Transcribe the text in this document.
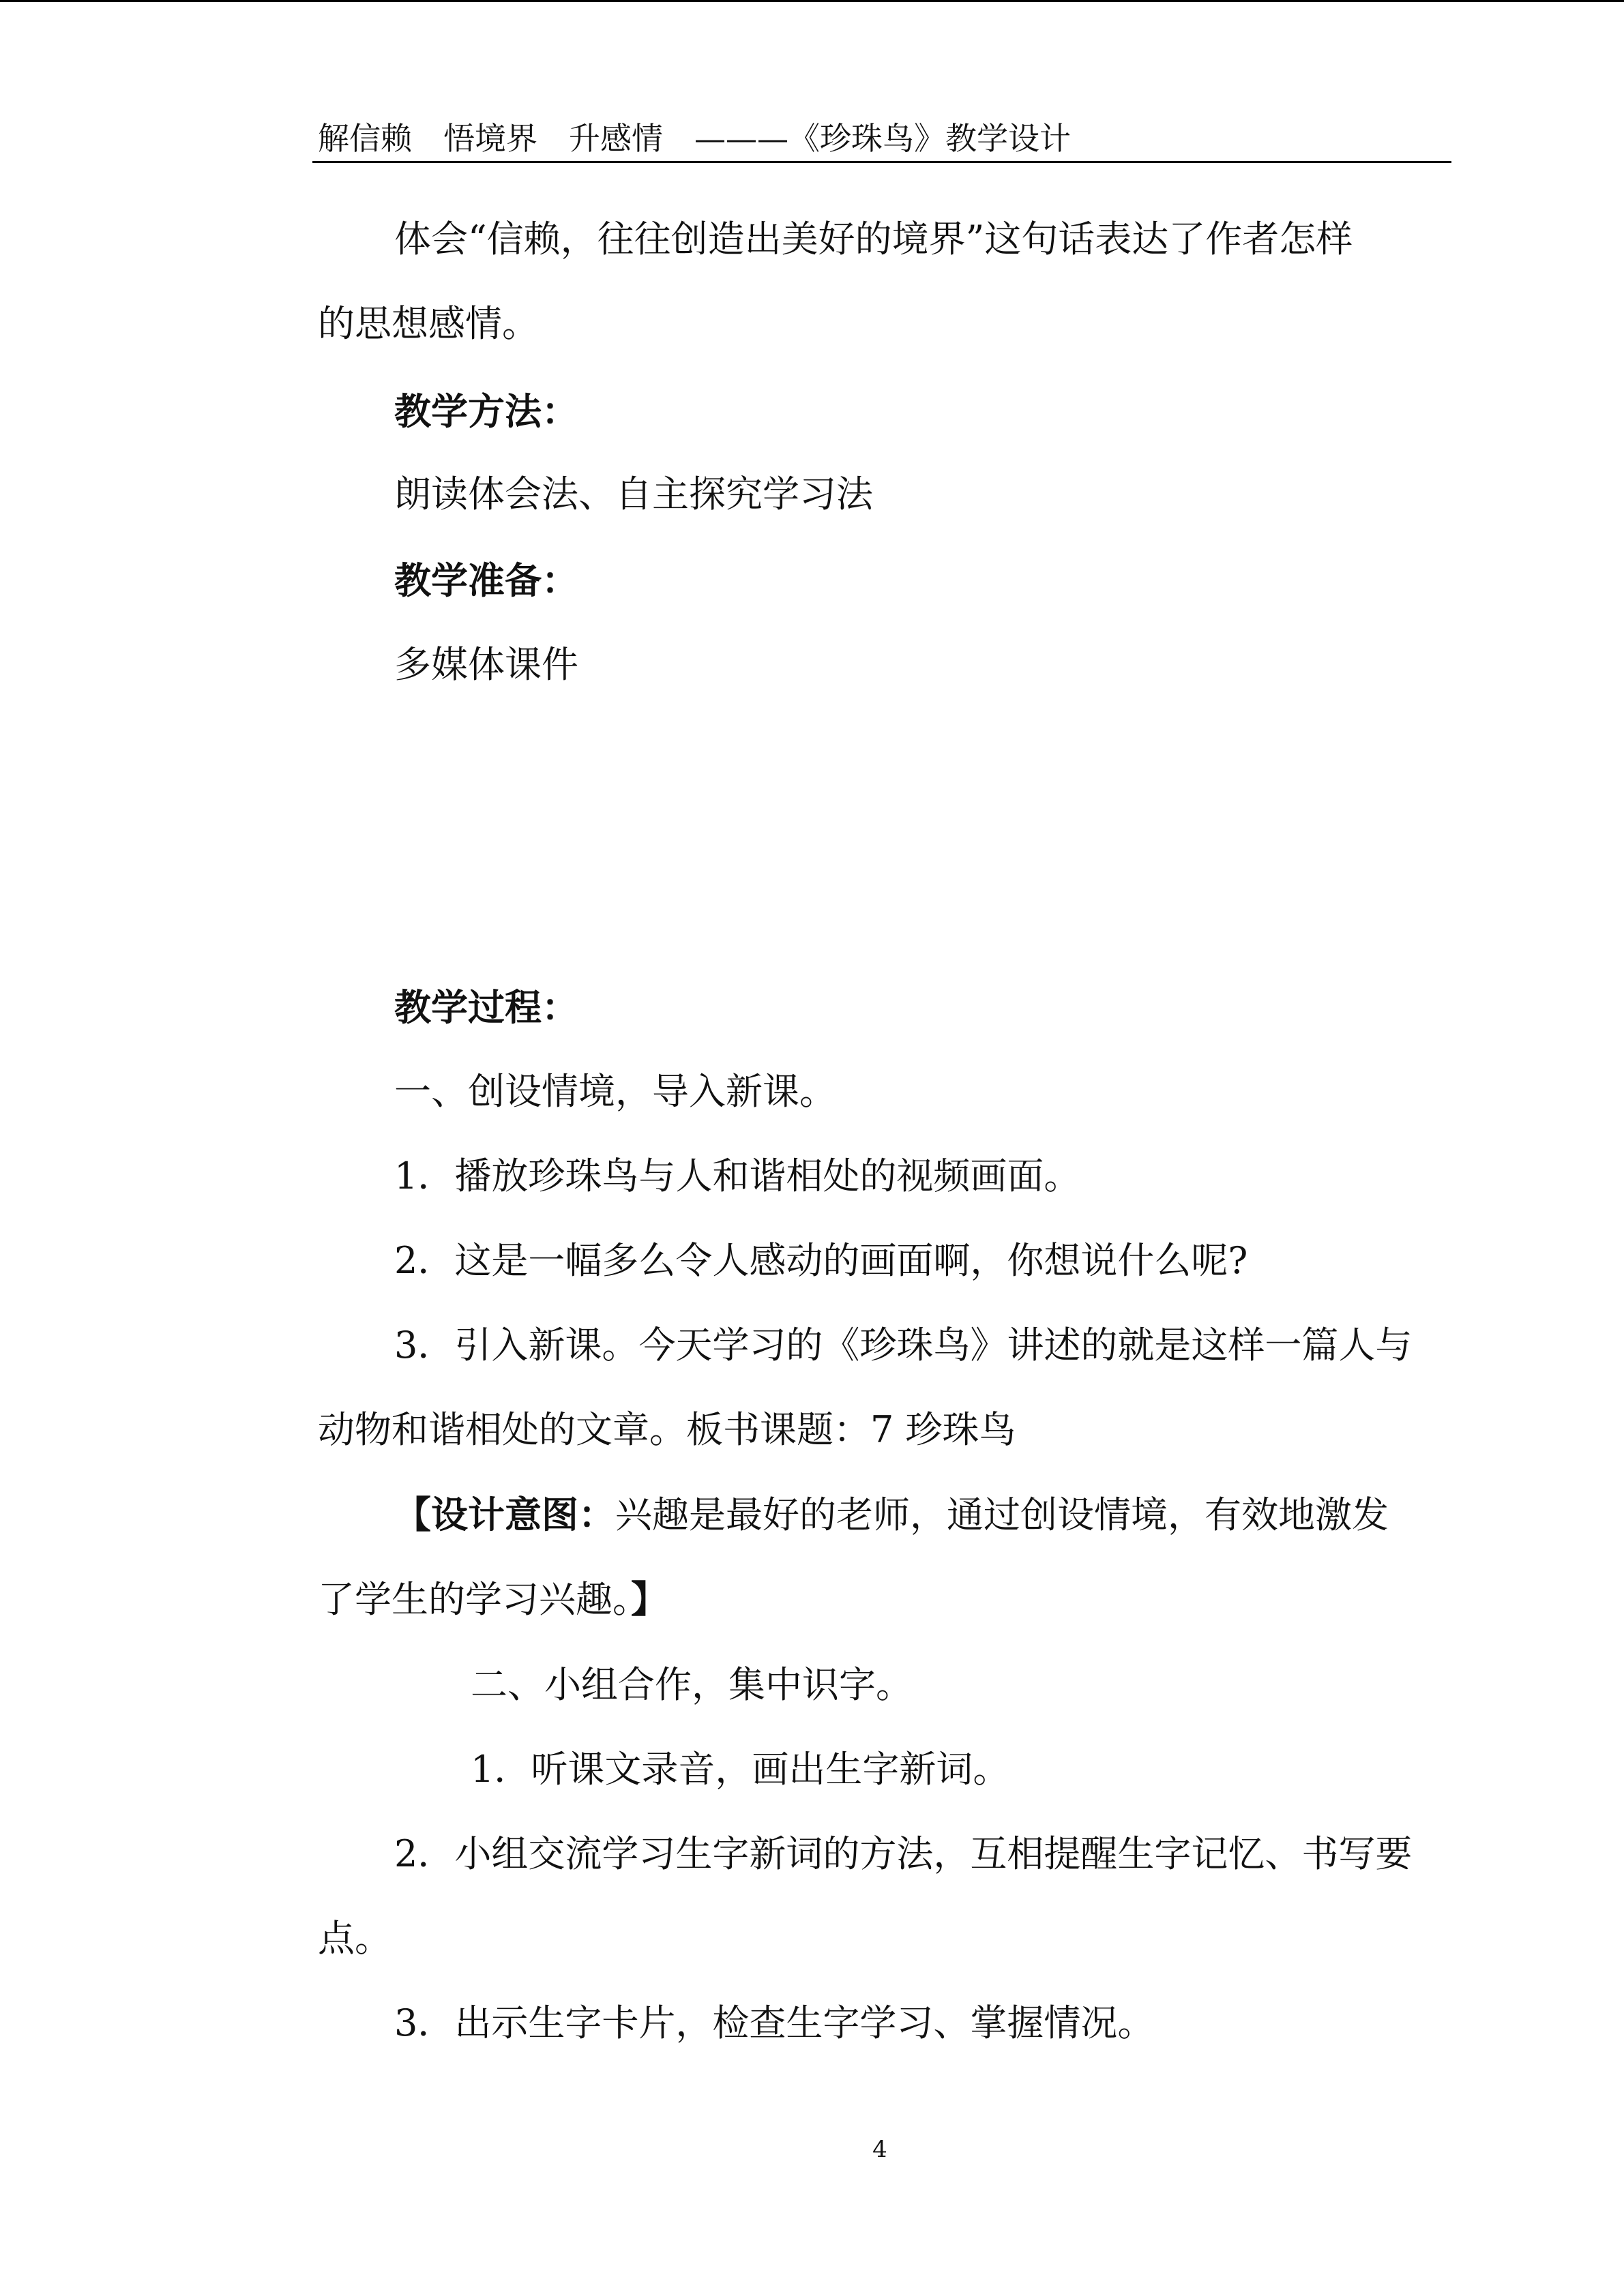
解信赖　悟境界　升感情　———《珍珠鸟》教学设计

体会“信赖，往往创造出美好的境界”这句话表达了作者怎样

的思想感情。

教学方法：

朗读体会法、自主探究学习法

教学准备：

多媒体课件

教学过程：

一、创设情境，导入新课。

1．播放珍珠鸟与人和谐相处的视频画面。

2．这是一幅多么令人感动的画面啊，你想说什么呢?

3．引入新课。今天学习的《珍珠鸟》讲述的就是这样一篇人与

动物和谐相处的文章。板书课题：7 珍珠鸟

【设计意图：兴趣是最好的老师，通过创设情境，有效地激发

了学生的学习兴趣。】

二、小组合作，集中识字。

1．听课文录音，画出生字新词。

2．小组交流学习生字新词的方法，互相提醒生字记忆、书写要

点。

3．出示生字卡片，检查生字学习、掌握情况。

4
